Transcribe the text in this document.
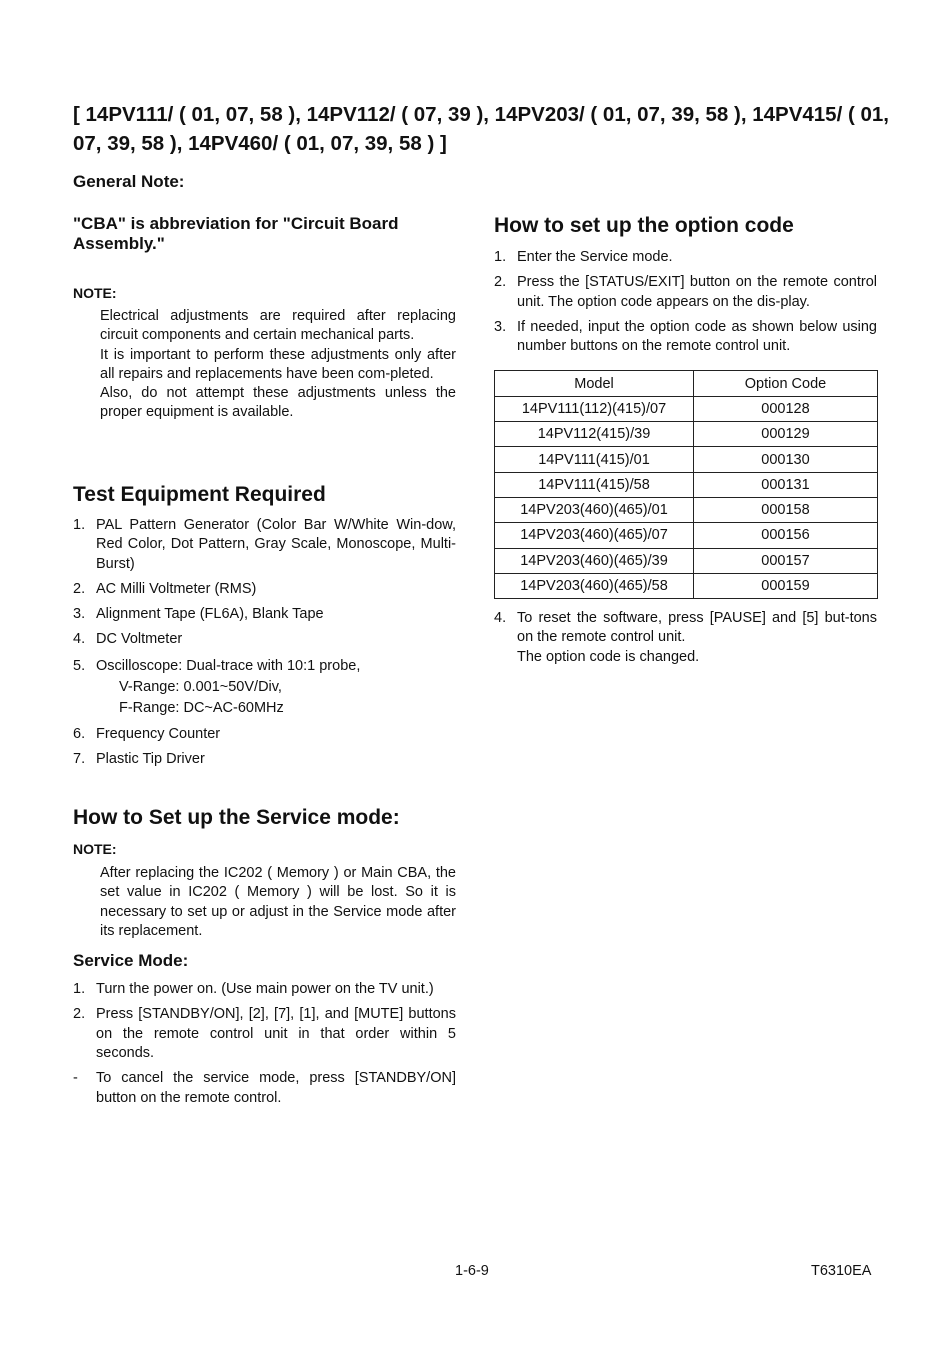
[ 14PV111/ ( 01, 07, 58 ), 14PV112/ ( 07, 39 ), 14PV203/ ( 01, 07, 39, 58 ), 14PV415/ ( 01, 07, 39, 58 ), 14PV460/ ( 01, 07, 39, 58 ) ]
General Note:
"CBA" is abbreviation for "Circuit Board Assembly."
NOTE:

Electrical adjustments are required after replacing circuit components and certain mechanical parts.

It is important to perform these adjustments only after all repairs and replacements have been com-pleted.

Also, do not attempt these adjustments unless the proper equipment is available.

Test Equipment Required
1. PAL Pattern Generator (Color Bar W/White Win-dow, Red Color, Dot Pattern, Gray Scale, Monoscope, Multi-Burst)
2. AC Milli Voltmeter (RMS)
3. Alignment Tape (FL6A), Blank Tape
4. DC Voltmeter
5. Oscilloscope: Dual-trace with 10:1 probe,
V-Range: 0.001~50V/Div,
F-Range: DC~AC-60MHz
6. Frequency Counter
7. Plastic Tip Driver
How to Set up the Service mode:
NOTE:

After replacing the IC202 ( Memory ) or Main CBA, the set value in IC202 ( Memory ) will be lost. So it is necessary to set up or adjust in the Service mode after its replacement.

Service Mode:
1. Turn the power on. (Use main power on the TV unit.)
2. Press [STANDBY/ON], [2], [7], [1], and [MUTE] buttons on the remote control unit in that order within 5 seconds.
- To cancel the service mode, press [STANDBY/ON] button on the remote control.
How to set up the option code
1. Enter the Service mode.
2. Press the [STATUS/EXIT] button on the remote control unit. The option code appears on the dis-play.
3. If needed, input the option code as shown below using number buttons on the remote control unit.
Model	Option Code
14PV111(112)(415)/07	000128
14PV112(415)/39	000129
14PV111(415)/01	000130
14PV111(415)/58	000131
14PV203(460)(465)/01	000158
14PV203(460)(465)/07	000156
14PV203(460)(465)/39	000157
14PV203(460)(465)/58	000159
4. To reset the software, press [PAUSE] and [5] but-tons on the remote control unit.
The option code is changed.
1-6-9	T6310EA
